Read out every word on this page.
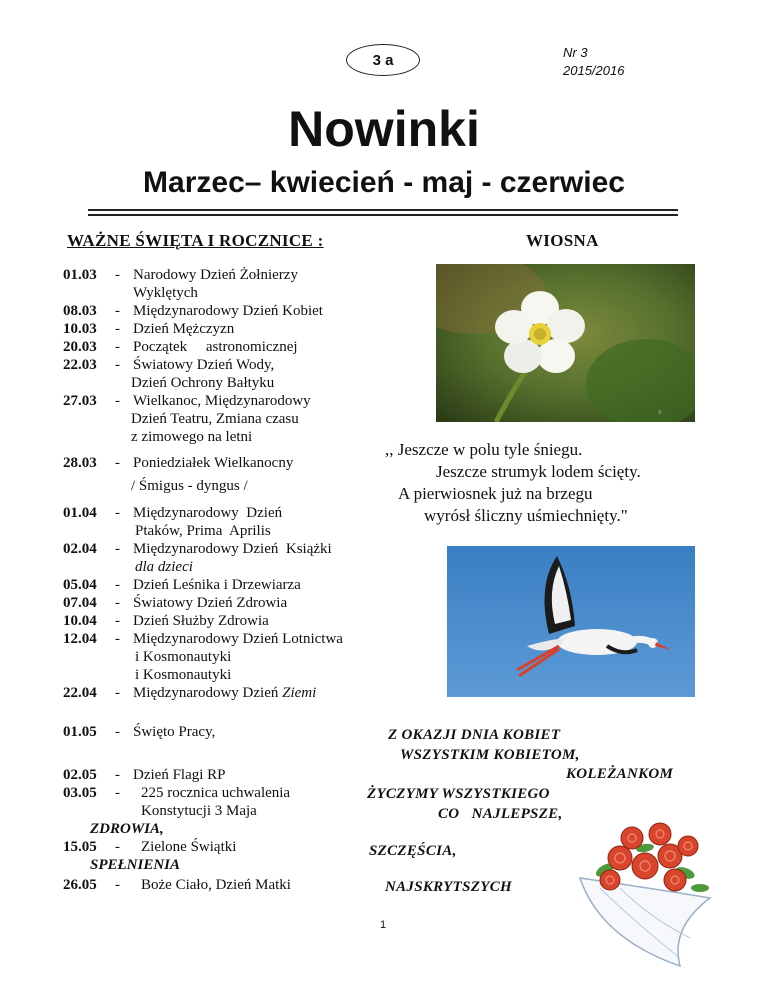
3 a	Nr 3
2015/2016
Nowinki
Marzec– kwiecień - maj - czerwiec
WAŻNE ŚWIĘTA I ROCZNICE :	WIOSNA
01.03 - Narodowy Dzień Żołnierzy
Wyklętych
08.03 - Międzynarodowy Dzień Kobiet
10.03 - Dzień Mężczyzn
20.03 - Początek     astronomicznej
22.03 - Światowy Dzień Wody,
Dzień Ochrony Bałtyku
27.03 - Wielkanoc, Międzynarodowy
Dzień Teatru, Zmiana czasu
z zimowego na letni
28.03 - Poniedziałek Wielkanocny
/ Śmigus - dyngus /
01.04 - Międzynarodowy  Dzień
Ptaków, Prima  Aprilis
02.04 - Międzynarodowy Dzień  Książki
dla dzieci
05.04 - Dzień Leśnika i Drzewiarza
07.04 - Światowy Dzień Zdrowia
10.04 - Dzień Służby Zdrowia
12.04 - Międzynarodowy Dzień Lotnictwa
i Kosmonautyki
i Kosmonautyki
22.04 - Międzynarodowy Dzień Ziemi
01.05 - Święto Pracy,
02.05 - Dzień Flagi RP
03.05 - 225 rocznica uchwalenia
Konstytucji 3 Maja
ZDROWIA,
15.05 - Zielone Świątki
SPEŁNIENIA
26.05 - Boże Ciało, Dzień Matki
©
,, Jeszcze w polu tyle śniegu.
Jeszcze strumyk lodem ścięty.
A pierwiosnek już na brzegu
wyrósł śliczny uśmiechnięty."
Z OKAZJI DNIA KOBIET
WSZYSTKIM KOBIETOM,
KOLEŻANKOM
ŻYCZYMY WSZYSTKIEGO
CO   NAJLEPSZE,
SZCZĘŚCIA,
NAJSKRYTSZYCH
1
